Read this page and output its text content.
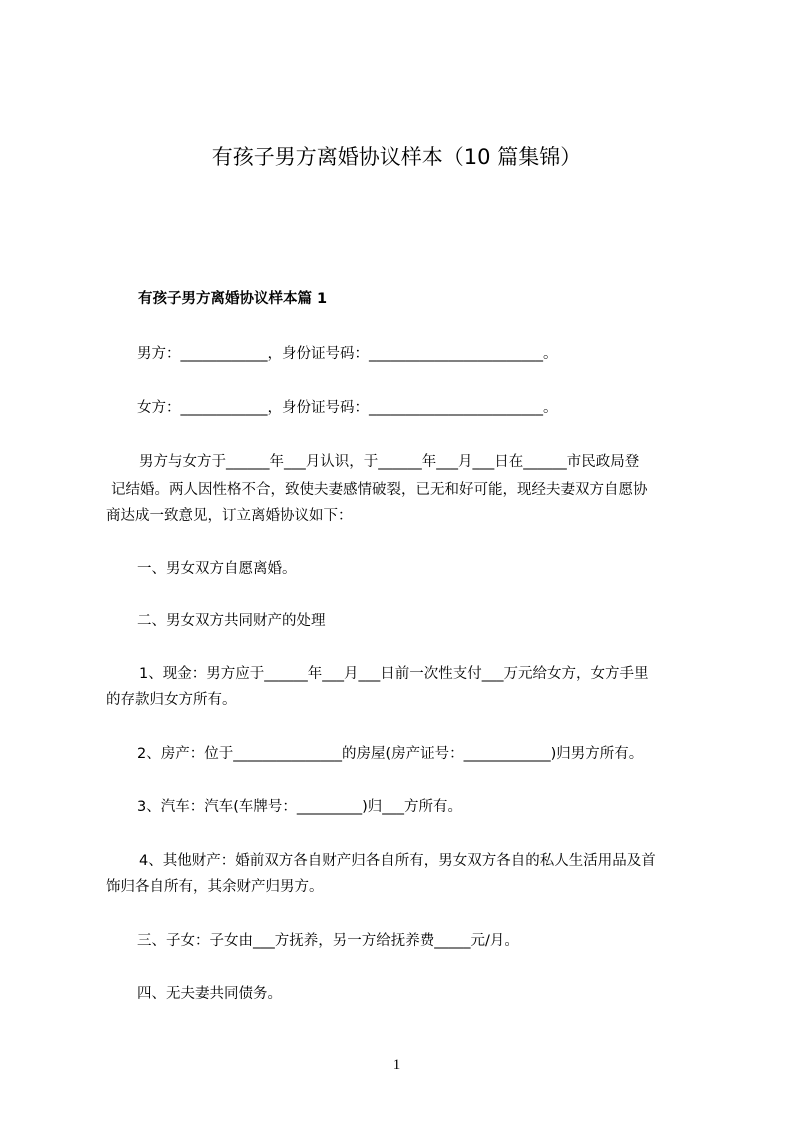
有孩子男方离婚协议样本（10 篇集锦）
有孩子男方离婚协议样本篇 1
男方：____________，身份证号码：________________________。
女方：____________，身份证号码：________________________。
男方与女方于______年___月认识，于______年___月___日在______市民政局登
记结婚。两人因性格不合，致使夫妻感情破裂，已无和好可能，现经夫妻双方自愿协
商达成一致意见，订立离婚协议如下：
一、男女双方自愿离婚。
二、男女双方共同财产的处理
1、现金：男方应于______年___月___日前一次性支付___万元给女方，女方手里
的存款归女方所有。
2、房产：位于_______________的房屋(房产证号：____________)归男方所有。
3、汽车：汽车(车牌号：_________)归___方所有。
4、其他财产：婚前双方各自财产归各自所有，男女双方各自的私人生活用品及首
饰归各自所有，其余财产归男方。
三、子女：子女由___方抚养，另一方给抚养费_____元/月。
四、无夫妻共同债务。
1
